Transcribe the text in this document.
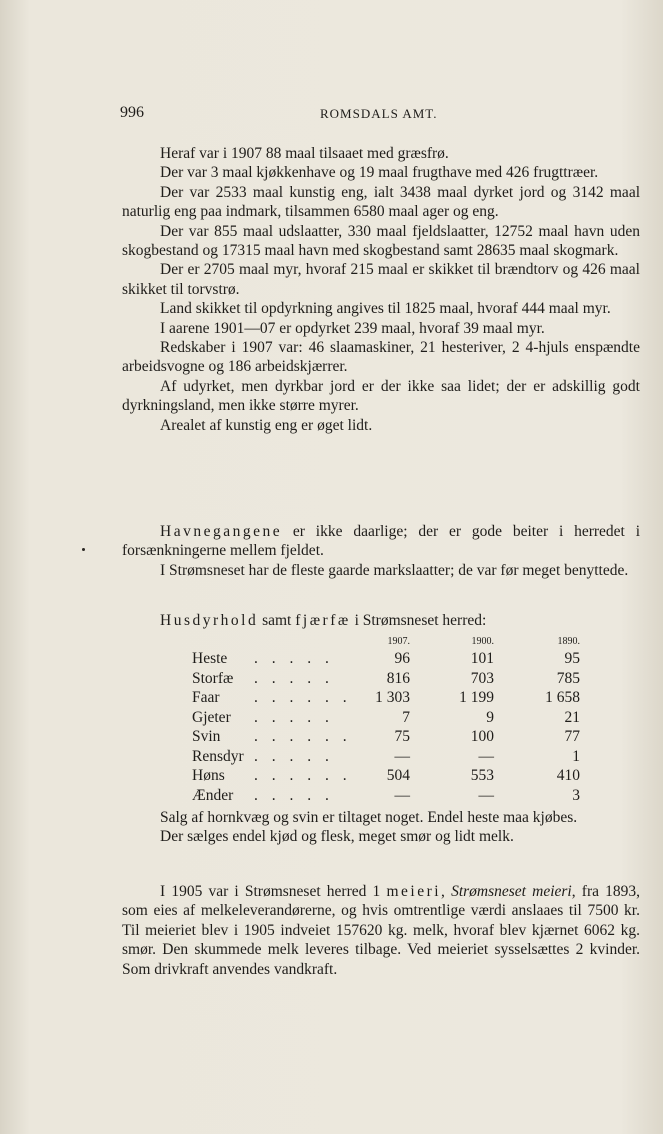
996	ROMSDALS AMT.

Heraf var i 1907 88 maal tilsaaet med græsfrø.

Der var 3 maal kjøkkenhave og 19 maal frugthave med 426 frugttræer.

Der var 2533 maal kunstig eng, ialt 3438 maal dyrket jord og 3142 maal naturlig eng paa indmark, tilsammen 6580 maal ager og eng.

Der var 855 maal udslaatter, 330 maal fjeldslaatter, 12752 maal havn uden skogbestand og 17315 maal havn med skogbestand samt 28635 maal skogmark.

Der er 2705 maal myr, hvoraf 215 maal er skikket til brændtorv og 426 maal skikket til torvstrø.

Land skikket til opdyrkning angives til 1825 maal, hvoraf 444 maal myr.

I aarene 1901—07 er opdyrket 239 maal, hvoraf 39 maal myr.

Redskaber i 1907 var: 46 slaamaskiner, 21 hesteriver, 2 4-hjuls enspændte arbeidsvogne og 186 arbeidskjærrer.

Af udyrket, men dyrkbar jord er der ikke saa lidet; der er adskillig godt dyrkningsland, men ikke større myrer.

Arealet af kunstig eng er øget lidt.

Havnegangene er ikke daarlige; der er gode beiter i herredet i forsænkningerne mellem fjeldet.

I Strømsneset har de fleste gaarde markslaatter; de var før meget benyttede.

Husdyrhold samt fjærfæ i Strømsneset herred:

1907.	1900.	1890.
Heste . . . . .	96	101	95
Storfæ . . . . .	816	703	785
Faar . . . . . .	1 303	1 199	1 658
Gjeter . . . . .	7	9	21
Svin . . . . . .	75	100	77
Rensdyr . . . . .	—	—	1
Høns . . . . . .	504	553	410
Ænder . . . . .	—	—	3

Salg af hornkvæg og svin er tiltaget noget. Endel heste maa kjøbes.

Der sælges endel kjød og flesk, meget smør og lidt melk.

I 1905 var i Strømsneset herred 1 meieri, Strømsneset meieri, fra 1893, som eies af melkeleverandørerne, og hvis omtrentlige værdi anslaaes til 7500 kr. Til meieriet blev i 1905 indveiet 157620 kg. melk, hvoraf blev kjærnet 6062 kg. smør. Den skummede melk leveres tilbage. Ved meieriet sysselsættes 2 kvinder. Som drivkraft anvendes vandkraft.
